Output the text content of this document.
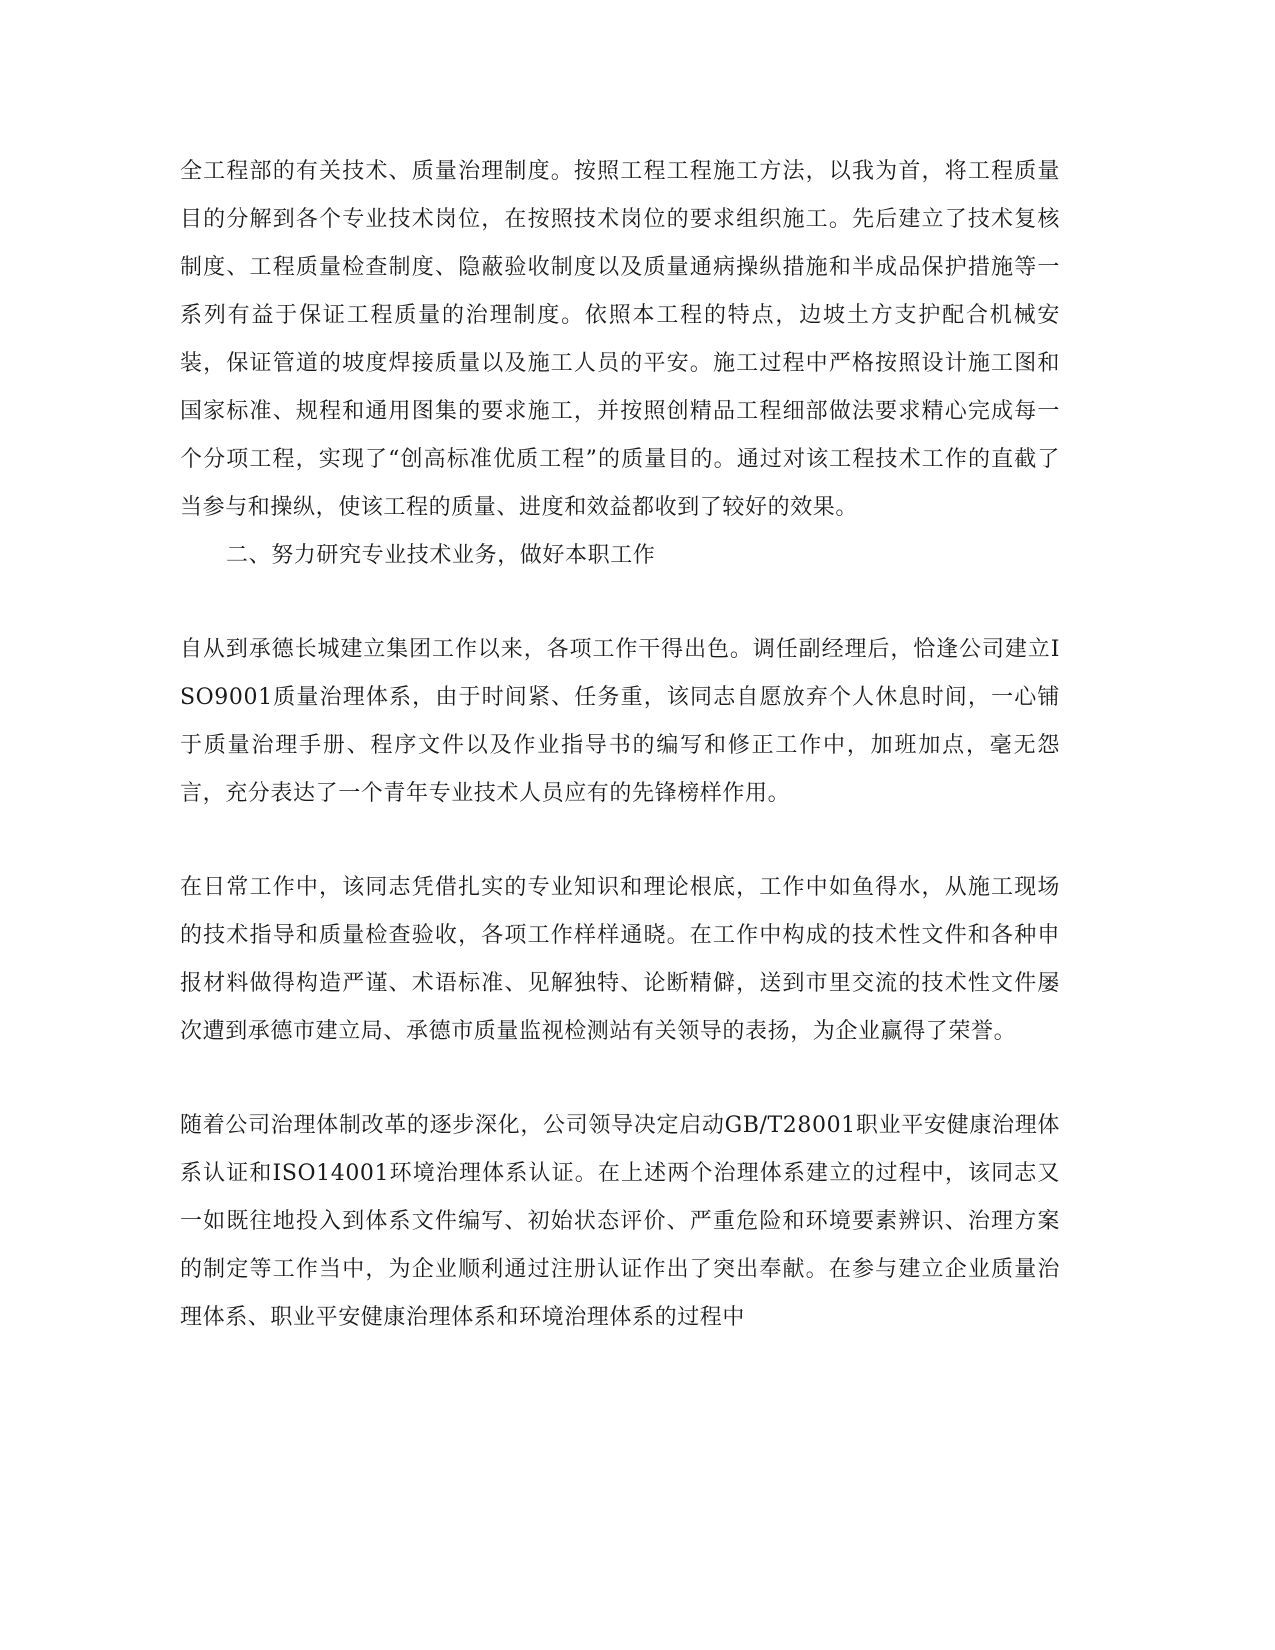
全工程部的有关技术、质量治理制度。按照工程工程施工方法，以我为首，将工程质量目的分解到各个专业技术岗位，在按照技术岗位的要求组织施工。先后建立了技术复核制度、工程质量检查制度、隐蔽验收制度以及质量通病操纵措施和半成品保护措施等一系列有益于保证工程质量的治理制度。依照本工程的特点，边坡土方支护配合机械安装，保证管道的坡度焊接质量以及施工人员的平安。施工过程中严格按照设计施工图和国家标准、规程和通用图集的要求施工，并按照创精品工程细部做法要求精心完成每一个分项工程，实现了“创高标准优质工程”的质量目的。通过对该工程技术工作的直截了当参与和操纵，使该工程的质量、进度和效益都收到了较好的效果。

二、努力研究专业技术业务，做好本职工作

自从到承德长城建立集团工作以来，各项工作干得出色。调任副经理后，恰逢公司建立ISO9001质量治理体系，由于时间紧、任务重，该同志自愿放弃个人休息时间，一心铺于质量治理手册、程序文件以及作业指导书的编写和修正工作中，加班加点，毫无怨言，充分表达了一个青年专业技术人员应有的先锋榜样作用。

在日常工作中，该同志凭借扎实的专业知识和理论根底，工作中如鱼得水，从施工现场的技术指导和质量检查验收，各项工作样样通晓。在工作中构成的技术性文件和各种申报材料做得构造严谨、术语标准、见解独特、论断精僻，送到市里交流的技术性文件屡次遭到承德市建立局、承德市质量监视检测站有关领导的表扬，为企业赢得了荣誉。

随着公司治理体制改革的逐步深化，公司领导决定启动GB/T28001职业平安健康治理体系认证和ISO14001环境治理体系认证。在上述两个治理体系建立的过程中，该同志又一如既往地投入到体系文件编写、初始状态评价、严重危险和环境要素辨识、治理方案的制定等工作当中，为企业顺利通过注册认证作出了突出奉献。在参与建立企业质量治理体系、职业平安健康治理体系和环境治理体系的过程中
